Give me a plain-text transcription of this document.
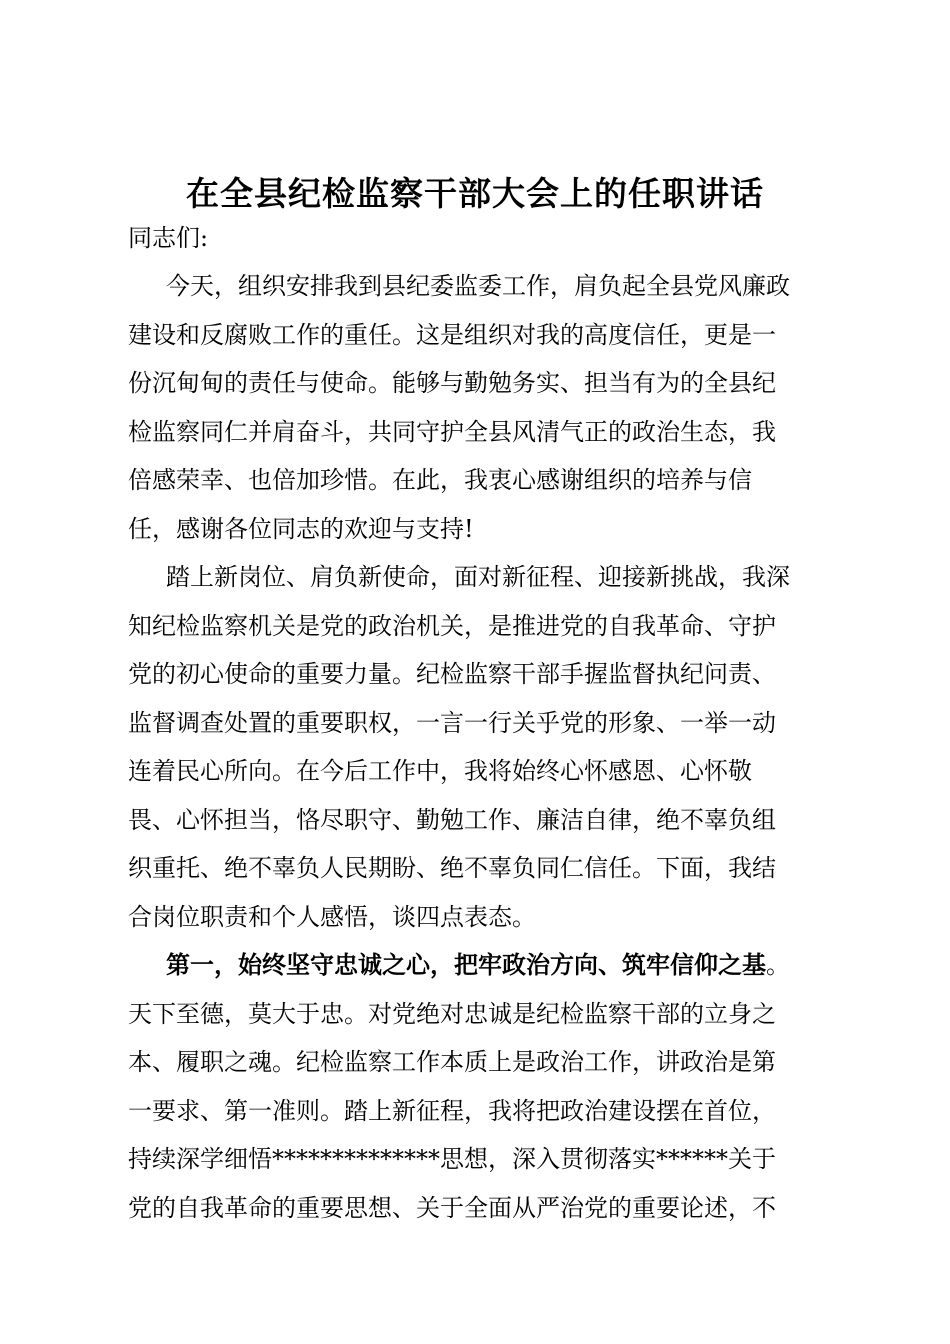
在全县纪检监察干部大会上的任职讲话
同志们:
今天，组织安排我到县纪委监委工作，肩负起全县党风廉政
建设和反腐败工作的重任。这是组织对我的高度信任，更是一
份沉甸甸的责任与使命。能够与勤勉务实、担当有为的全县纪
检监察同仁并肩奋斗，共同守护全县风清气正的政治生态，我
倍感荣幸、也倍加珍惜。在此，我衷心感谢组织的培养与信
任，感谢各位同志的欢迎与支持!
踏上新岗位、肩负新使命，面对新征程、迎接新挑战，我深
知纪检监察机关是党的政治机关，是推进党的自我革命、守护
党的初心使命的重要力量。纪检监察干部手握监督执纪问责、
监督调查处置的重要职权，一言一行关乎党的形象、一举一动
连着民心所向。在今后工作中，我将始终心怀感恩、心怀敬
畏、心怀担当，恪尽职守、勤勉工作、廉洁自律，绝不辜负组
织重托、绝不辜负人民期盼、绝不辜负同仁信任。下面，我结
合岗位职责和个人感悟，谈四点表态。
第一，始终坚守忠诚之心，把牢政治方向、筑牢信仰之基。
天下至德，莫大于忠。对党绝对忠诚是纪检监察干部的立身之
本、履职之魂。纪检监察工作本质上是政治工作，讲政治是第
一要求、第一准则。踏上新征程，我将把政治建设摆在首位，
持续深学细悟**************思想，深入贯彻落实******关于
党的自我革命的重要思想、关于全面从严治党的重要论述，不
